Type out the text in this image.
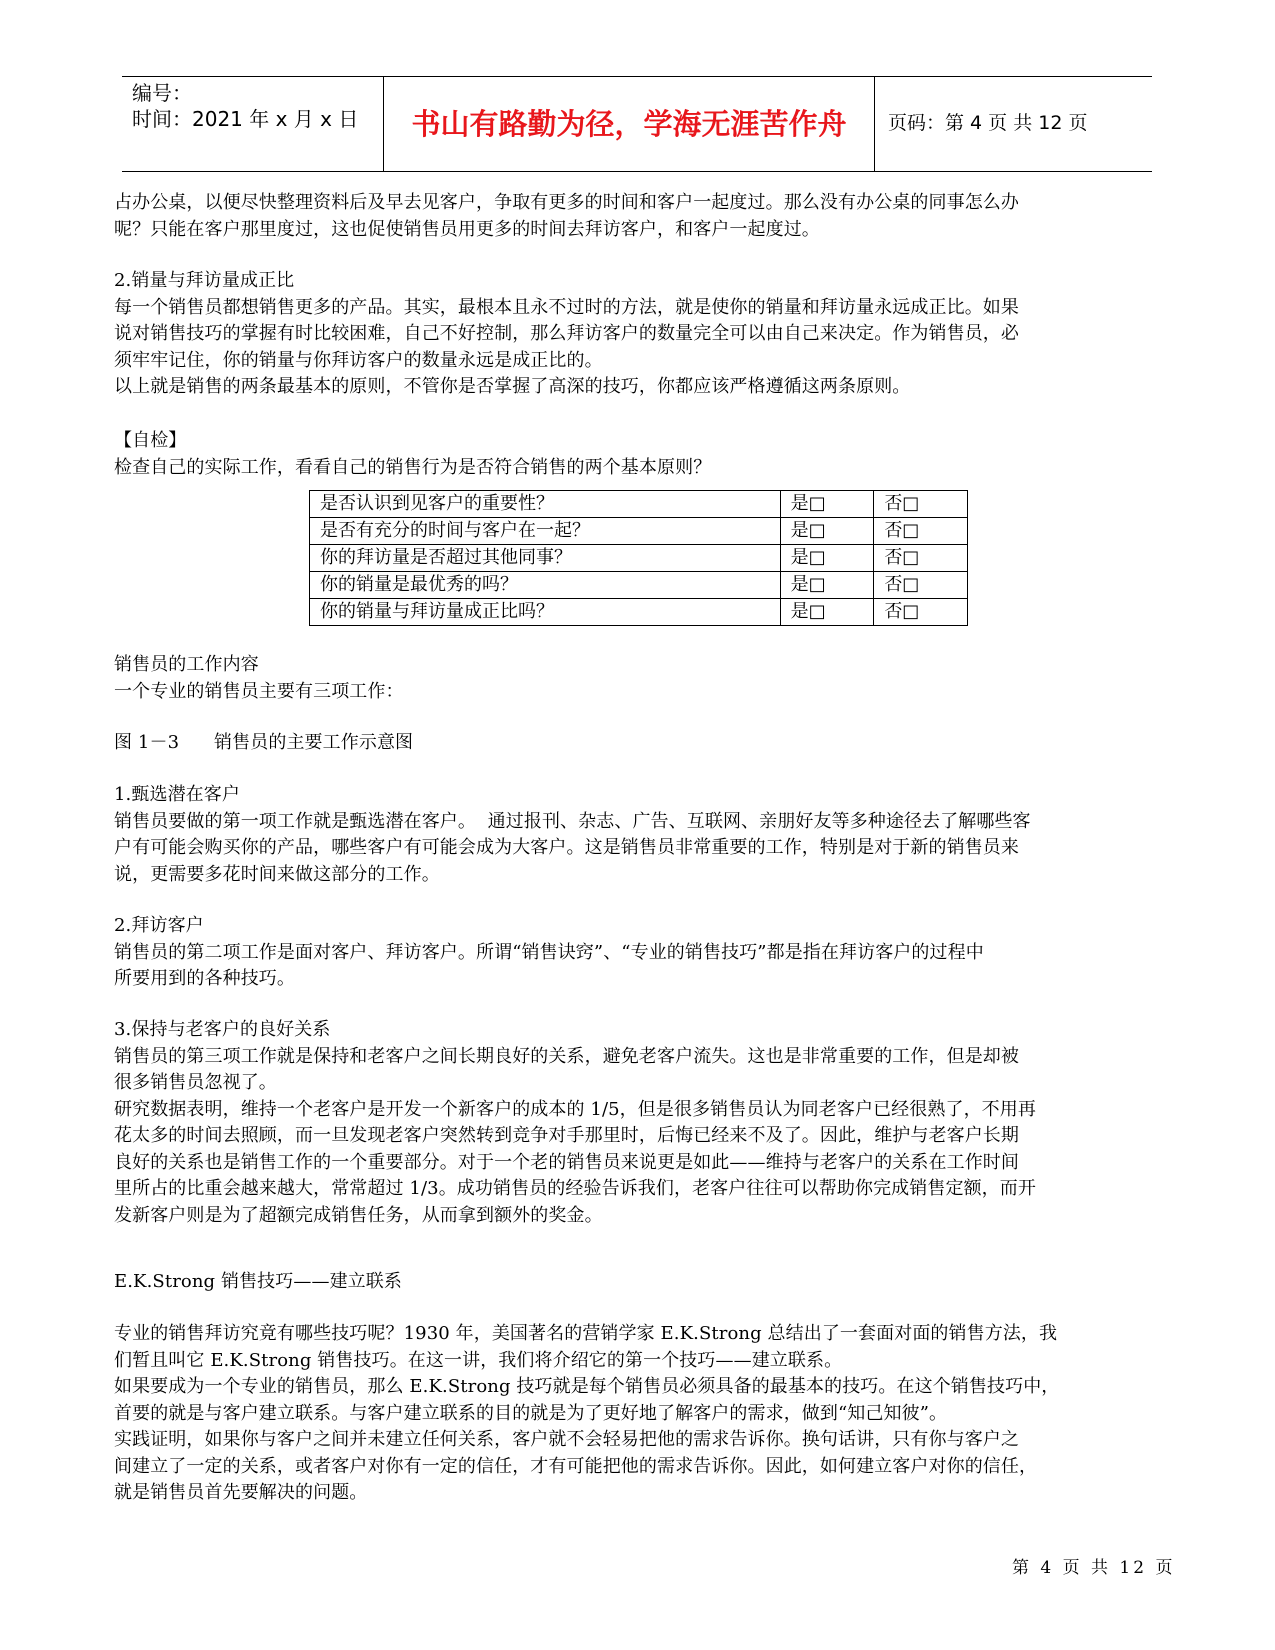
编号：
时间：2021 年 x 月 x 日	书山有路勤为径，学海无涯苦作舟	页码：第 4 页 共 12 页
占办公桌，以便尽快整理资料后及早去见客户，争取有更多的时间和客户一起度过。那么没有办公桌的同事怎么办
呢？只能在客户那里度过，这也促使销售员用更多的时间去拜访客户，和客户一起度过。
2.销量与拜访量成正比
每一个销售员都想销售更多的产品。其实，最根本且永不过时的方法，就是使你的销量和拜访量永远成正比。如果
说对销售技巧的掌握有时比较困难，自己不好控制，那么拜访客户的数量完全可以由自己来决定。作为销售员，必
须牢牢记住，你的销量与你拜访客户的数量永远是成正比的。
以上就是销售的两条最基本的原则，不管你是否掌握了高深的技巧，你都应该严格遵循这两条原则。
【自检】
检查自己的实际工作，看看自己的销售行为是否符合销售的两个基本原则？
是否认识到见客户的重要性？	是□	否□
是否有充分的时间与客户在一起？	是□	否□
你的拜访量是否超过其他同事？	是□	否□
你的销量是最优秀的吗？	是□	否□
你的销量与拜访量成正比吗？	是□	否□
销售员的工作内容
一个专业的销售员主要有三项工作：
图 1－3      销售员的主要工作示意图
1.甄选潜在客户
销售员要做的第一项工作就是甄选潜在客户。  通过报刊、杂志、广告、互联网、亲朋好友等多种途径去了解哪些客
户有可能会购买你的产品，哪些客户有可能会成为大客户。这是销售员非常重要的工作，特别是对于新的销售员来
说，更需要多花时间来做这部分的工作。
2.拜访客户
销售员的第二项工作是面对客户、拜访客户。所谓“销售诀窍”、“专业的销售技巧”都是指在拜访客户的过程中
所要用到的各种技巧。
3.保持与老客户的良好关系
销售员的第三项工作就是保持和老客户之间长期良好的关系，避免老客户流失。这也是非常重要的工作，但是却被
很多销售员忽视了。
研究数据表明，维持一个老客户是开发一个新客户的成本的 1/5，但是很多销售员认为同老客户已经很熟了，不用再
花太多的时间去照顾，而一旦发现老客户突然转到竞争对手那里时，后悔已经来不及了。因此，维护与老客户长期
良好的关系也是销售工作的一个重要部分。对于一个老的销售员来说更是如此——维持与老客户的关系在工作时间
里所占的比重会越来越大，常常超过 1/3。成功销售员的经验告诉我们，老客户往往可以帮助你完成销售定额，而开
发新客户则是为了超额完成销售任务，从而拿到额外的奖金。
E.K.Strong 销售技巧——建立联系
专业的销售拜访究竟有哪些技巧呢？1930 年，美国著名的营销学家 E.K.Strong 总结出了一套面对面的销售方法，我
们暂且叫它 E.K.Strong 销售技巧。在这一讲，我们将介绍它的第一个技巧——建立联系。
如果要成为一个专业的销售员，那么 E.K.Strong 技巧就是每个销售员必须具备的最基本的技巧。在这个销售技巧中，
首要的就是与客户建立联系。与客户建立联系的目的就是为了更好地了解客户的需求，做到“知己知彼”。
实践证明，如果你与客户之间并未建立任何关系，客户就不会轻易把他的需求告诉你。换句话讲，只有你与客户之
间建立了一定的关系，或者客户对你有一定的信任，才有可能把他的需求告诉你。因此，如何建立客户对你的信任，
就是销售员首先要解决的问题。
第 4 页 共 12 页
